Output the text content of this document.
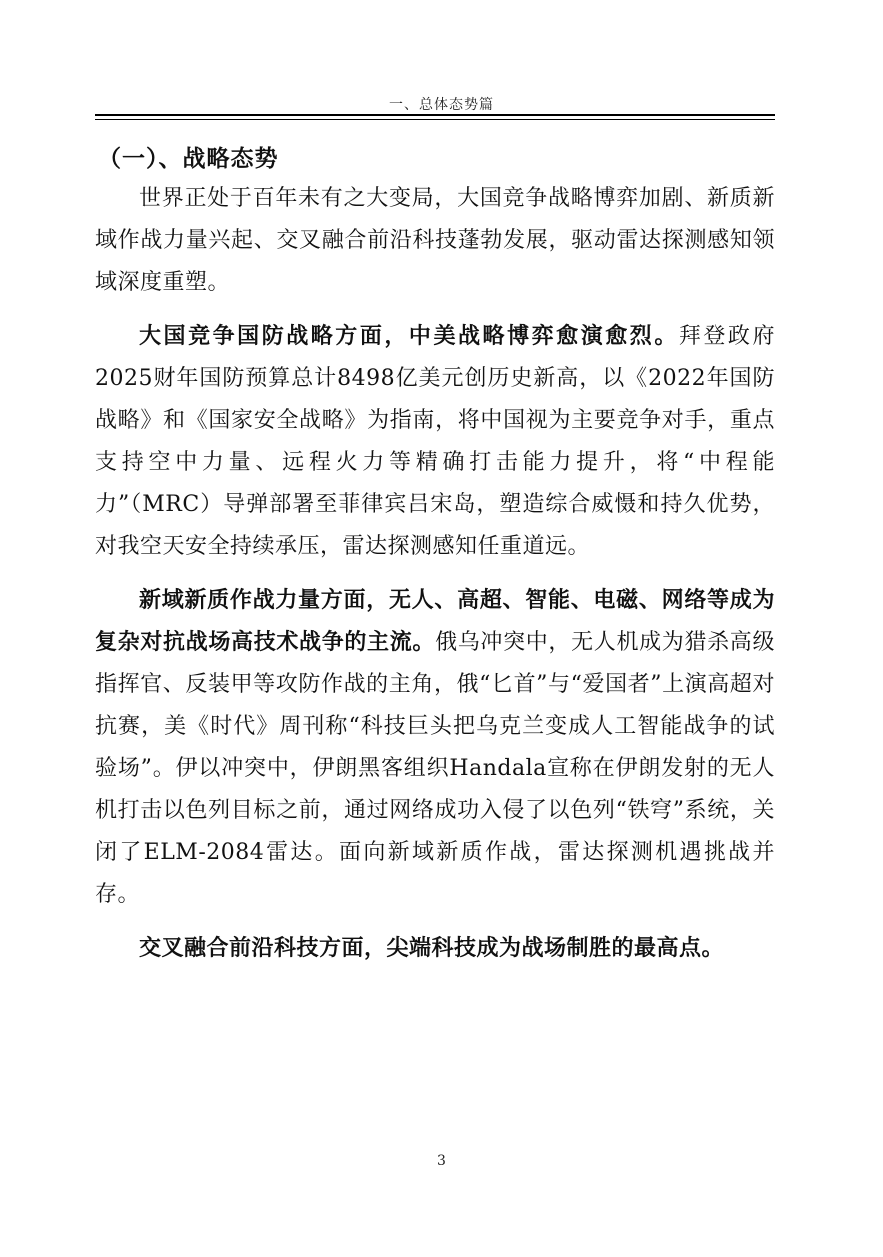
一、总体态势篇
（一）、战略态势

世界正处于百年未有之大变局，大国竞争战略博弈加剧、新质新域作战力量兴起、交叉融合前沿科技蓬勃发展，驱动雷达探测感知领域深度重塑。

大国竞争国防战略方面，中美战略博弈愈演愈烈。拜登政府2025财年国防预算总计8498亿美元创历史新高，以《2022年国防战略》和《国家安全战略》为指南，将中国视为主要竞争对手，重点支持空中力量、远程火力等精确打击能力提升，将“中程能力”（MRC）导弹部署至菲律宾吕宋岛，塑造综合威慑和持久优势，对我空天安全持续承压，雷达探测感知任重道远。

新域新质作战力量方面，无人、高超、智能、电磁、网络等成为复杂对抗战场高技术战争的主流。俄乌冲突中，无人机成为猎杀高级指挥官、反装甲等攻防作战的主角，俄“匕首”与“爱国者”上演高超对抗赛，美《时代》周刊称“科技巨头把乌克兰变成人工智能战争的试验场”。伊以冲突中，伊朗黑客组织Handala宣称在伊朗发射的无人机打击以色列目标之前，通过网络成功入侵了以色列“铁穹”系统，关闭了ELM-2084雷达。面向新域新质作战，雷达探测机遇挑战并存。

交叉融合前沿科技方面，尖端科技成为战场制胜的最高点。

3
